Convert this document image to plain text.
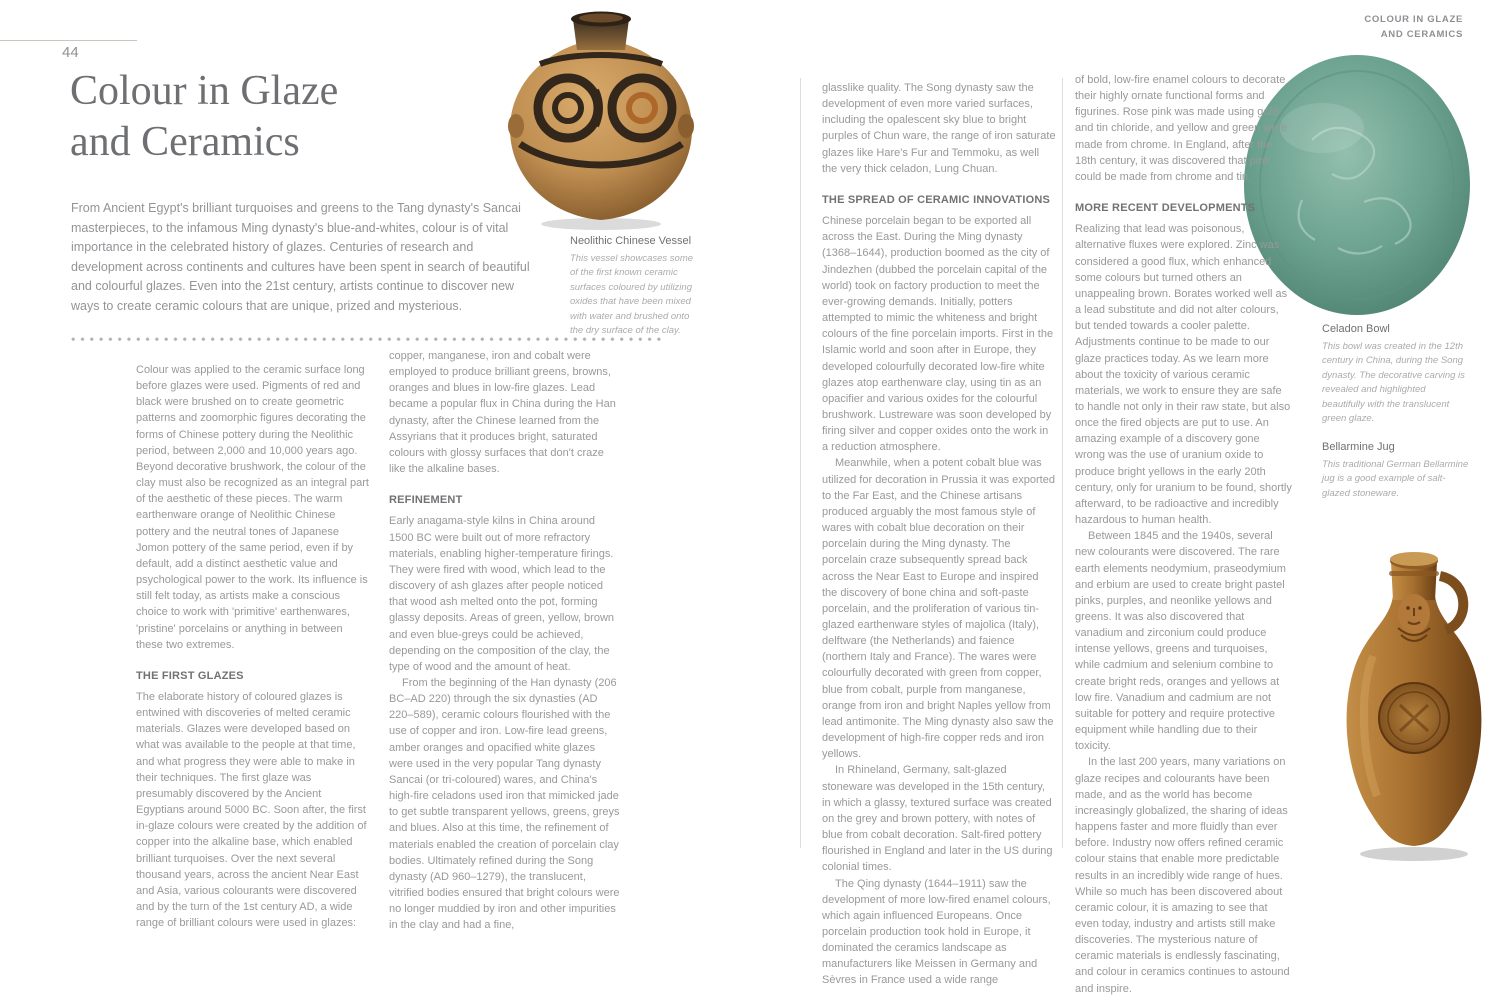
COLOUR IN GLAZE
AND CERAMICS
44
Colour in Glaze
and Ceramics
From Ancient Egypt's brilliant turquoises and greens to the Tang dynasty's Sancai masterpieces, to the infamous Ming dynasty's blue-and-whites, colour is of vital importance in the celebrated history of glazes. Centuries of research and development across continents and cultures have been spent in search of beautiful and colourful glazes. Even into the 21st century, artists continue to discover new ways to create ceramic colours that are unique, prized and mysterious.

Colour was applied to the ceramic surface long before glazes were used. Pigments of red and black were brushed on to create geometric patterns and zoomorphic figures decorating the forms of Chinese pottery during the Neolithic period, between 2,000 and 10,000 years ago. Beyond decorative brushwork, the colour of the clay must also be recognized as an integral part of the aesthetic of these pieces. The warm earthenware orange of Neolithic Chinese pottery and the neutral tones of Japanese Jomon pottery of the same period, even if by default, add a distinct aesthetic value and psychological power to the work. Its influence is still felt today, as artists make a conscious choice to work with 'primitive' earthenwares, 'pristine' porcelains or anything in between these two extremes.

THE FIRST GLAZES

The elaborate history of coloured glazes is entwined with discoveries of melted ceramic materials. Glazes were developed based on what was available to the people at that time, and what progress they were able to make in their techniques. The first glaze was presumably discovered by the Ancient Egyptians around 5000 BC. Soon after, the first in-glaze colours were created by the addition of copper into the alkaline base, which enabled brilliant turquoises. Over the next several thousand years, across the ancient Near East and Asia, various colourants were discovered and by the turn of the 1st century AD, a wide range of brilliant colours were used in glazes:

copper, manganese, iron and cobalt were employed to produce brilliant greens, browns, oranges and blues in low-fire glazes. Lead became a popular flux in China during the Han dynasty, after the Chinese learned from the Assyrians that it produces bright, saturated colours with glossy surfaces that don't craze like the alkaline bases.

REFINEMENT

Early anagama-style kilns in China around 1500 BC were built out of more refractory materials, enabling higher-temperature firings. They were fired with wood, which lead to the discovery of ash glazes after people noticed that wood ash melted onto the pot, forming glassy deposits. Areas of green, yellow, brown and even blue-greys could be achieved, depending on the composition of the clay, the type of wood and the amount of heat.

From the beginning of the Han dynasty (206 BC–AD 220) through the six dynasties (AD 220–589), ceramic colours flourished with the use of copper and iron. Low-fire lead greens, amber oranges and opacified white glazes were used in the very popular Tang dynasty Sancai (or tri-coloured) wares, and China's high-fire celadons used iron that mimicked jade to get subtle transparent yellows, greens, greys and blues. Also at this time, the refinement of materials enabled the creation of porcelain clay bodies. Ultimately refined during the Song dynasty (AD 960–1279), the translucent, vitrified bodies ensured that bright colours were no longer muddied by iron and other impurities in the clay and had a fine,

glasslike quality. The Song dynasty saw the development of even more varied surfaces, including the opalescent sky blue to bright purples of Chun ware, the range of iron saturate glazes like Hare's Fur and Temmoku, as well the very thick celadon, Lung Chuan.

THE SPREAD OF CERAMIC INNOVATIONS

Chinese porcelain began to be exported all across the East. During the Ming dynasty (1368–1644), production boomed as the city of Jindezhen (dubbed the porcelain capital of the world) took on factory production to meet the ever-growing demands. Initially, potters attempted to mimic the whiteness and bright colours of the fine porcelain imports. First in the Islamic world and soon after in Europe, they developed colourfully decorated low-fire white glazes atop earthenware clay, using tin as an opacifier and various oxides for the colourful brushwork. Lustreware was soon developed by firing silver and copper oxides onto the work in a reduction atmosphere.

Meanwhile, when a potent cobalt blue was utilized for decoration in Prussia it was exported to the Far East, and the Chinese artisans produced arguably the most famous style of wares with cobalt blue decoration on their porcelain during the Ming dynasty. The porcelain craze subsequently spread back across the Near East to Europe and inspired the discovery of bone china and soft-paste porcelain, and the proliferation of various tin-glazed earthenware styles of majolica (Italy), delftware (the Netherlands) and faience (northern Italy and France). The wares were colourfully decorated with green from copper, blue from cobalt, purple from manganese, orange from iron and bright Naples yellow from lead antimonite. The Ming dynasty also saw the development of high-fire copper reds and iron yellows.

In Rhineland, Germany, salt-glazed stoneware was developed in the 15th century, in which a glassy, textured surface was created on the grey and brown pottery, with notes of blue from cobalt decoration. Salt-fired pottery flourished in England and later in the US during colonial times.

The Qing dynasty (1644–1911) saw the development of more low-fired enamel colours, which again influenced Europeans. Once porcelain production took hold in Europe, it dominated the ceramics landscape as manufacturers like Meissen in Germany and Sèvres in France used a wide range

of bold, low-fire enamel colours to decorate their highly ornate functional forms and figurines. Rose pink was made using gold and tin chloride, and yellow and green were made from chrome. In England, after the 18th century, it was discovered that pink could be made from chrome and tin.

MORE RECENT DEVELOPMENTS

Realizing that lead was poisonous, alternative fluxes were explored. Zinc was considered a good flux, which enhanced some colours but turned others an unappealing brown. Borates worked well as a lead substitute and did not alter colours, but tended towards a cooler palette. Adjustments continue to be made to our glaze practices today. As we learn more about the toxicity of various ceramic materials, we work to ensure they are safe to handle not only in their raw state, but also once the fired objects are put to use. An amazing example of a discovery gone wrong was the use of uranium oxide to produce bright yellows in the early 20th century, only for uranium to be found, shortly afterward, to be radioactive and incredibly hazardous to human health.

Between 1845 and the 1940s, several new colourants were discovered. The rare earth elements neodymium, praseodymium and erbium are used to create bright pastel pinks, purples, and neonlike yellows and greens. It was also discovered that vanadium and zirconium could produce intense yellows, greens and turquoises, while cadmium and selenium combine to create bright reds, oranges and yellows at low fire. Vanadium and cadmium are not suitable for pottery and require protective equipment while handling due to their toxicity.

In the last 200 years, many variations on glaze recipes and colourants have been made, and as the world has become increasingly globalized, the sharing of ideas happens faster and more fluidly than ever before. Industry now offers refined ceramic colour stains that enable more predictable results in an incredibly wide range of hues. While so much has been discovered about ceramic colour, it is amazing to see that even today, industry and artists still make discoveries. The mysterious nature of ceramic materials is endlessly fascinating, and colour in ceramics continues to astound and inspire.

Neolithic Chinese Vessel
This vessel showcases some of the first known ceramic surfaces coloured by utilizing oxides that have been mixed with water and brushed onto the dry surface of the clay.	Celadon Bowl
This bowl was created in the 12th century in China, during the Song dynasty. The decorative carving is revealed and highlighted beautifully with the translucent green glaze.
Bellarmine Jug
This traditional German Bellarmine jug is a good example of salt-glazed stoneware.
